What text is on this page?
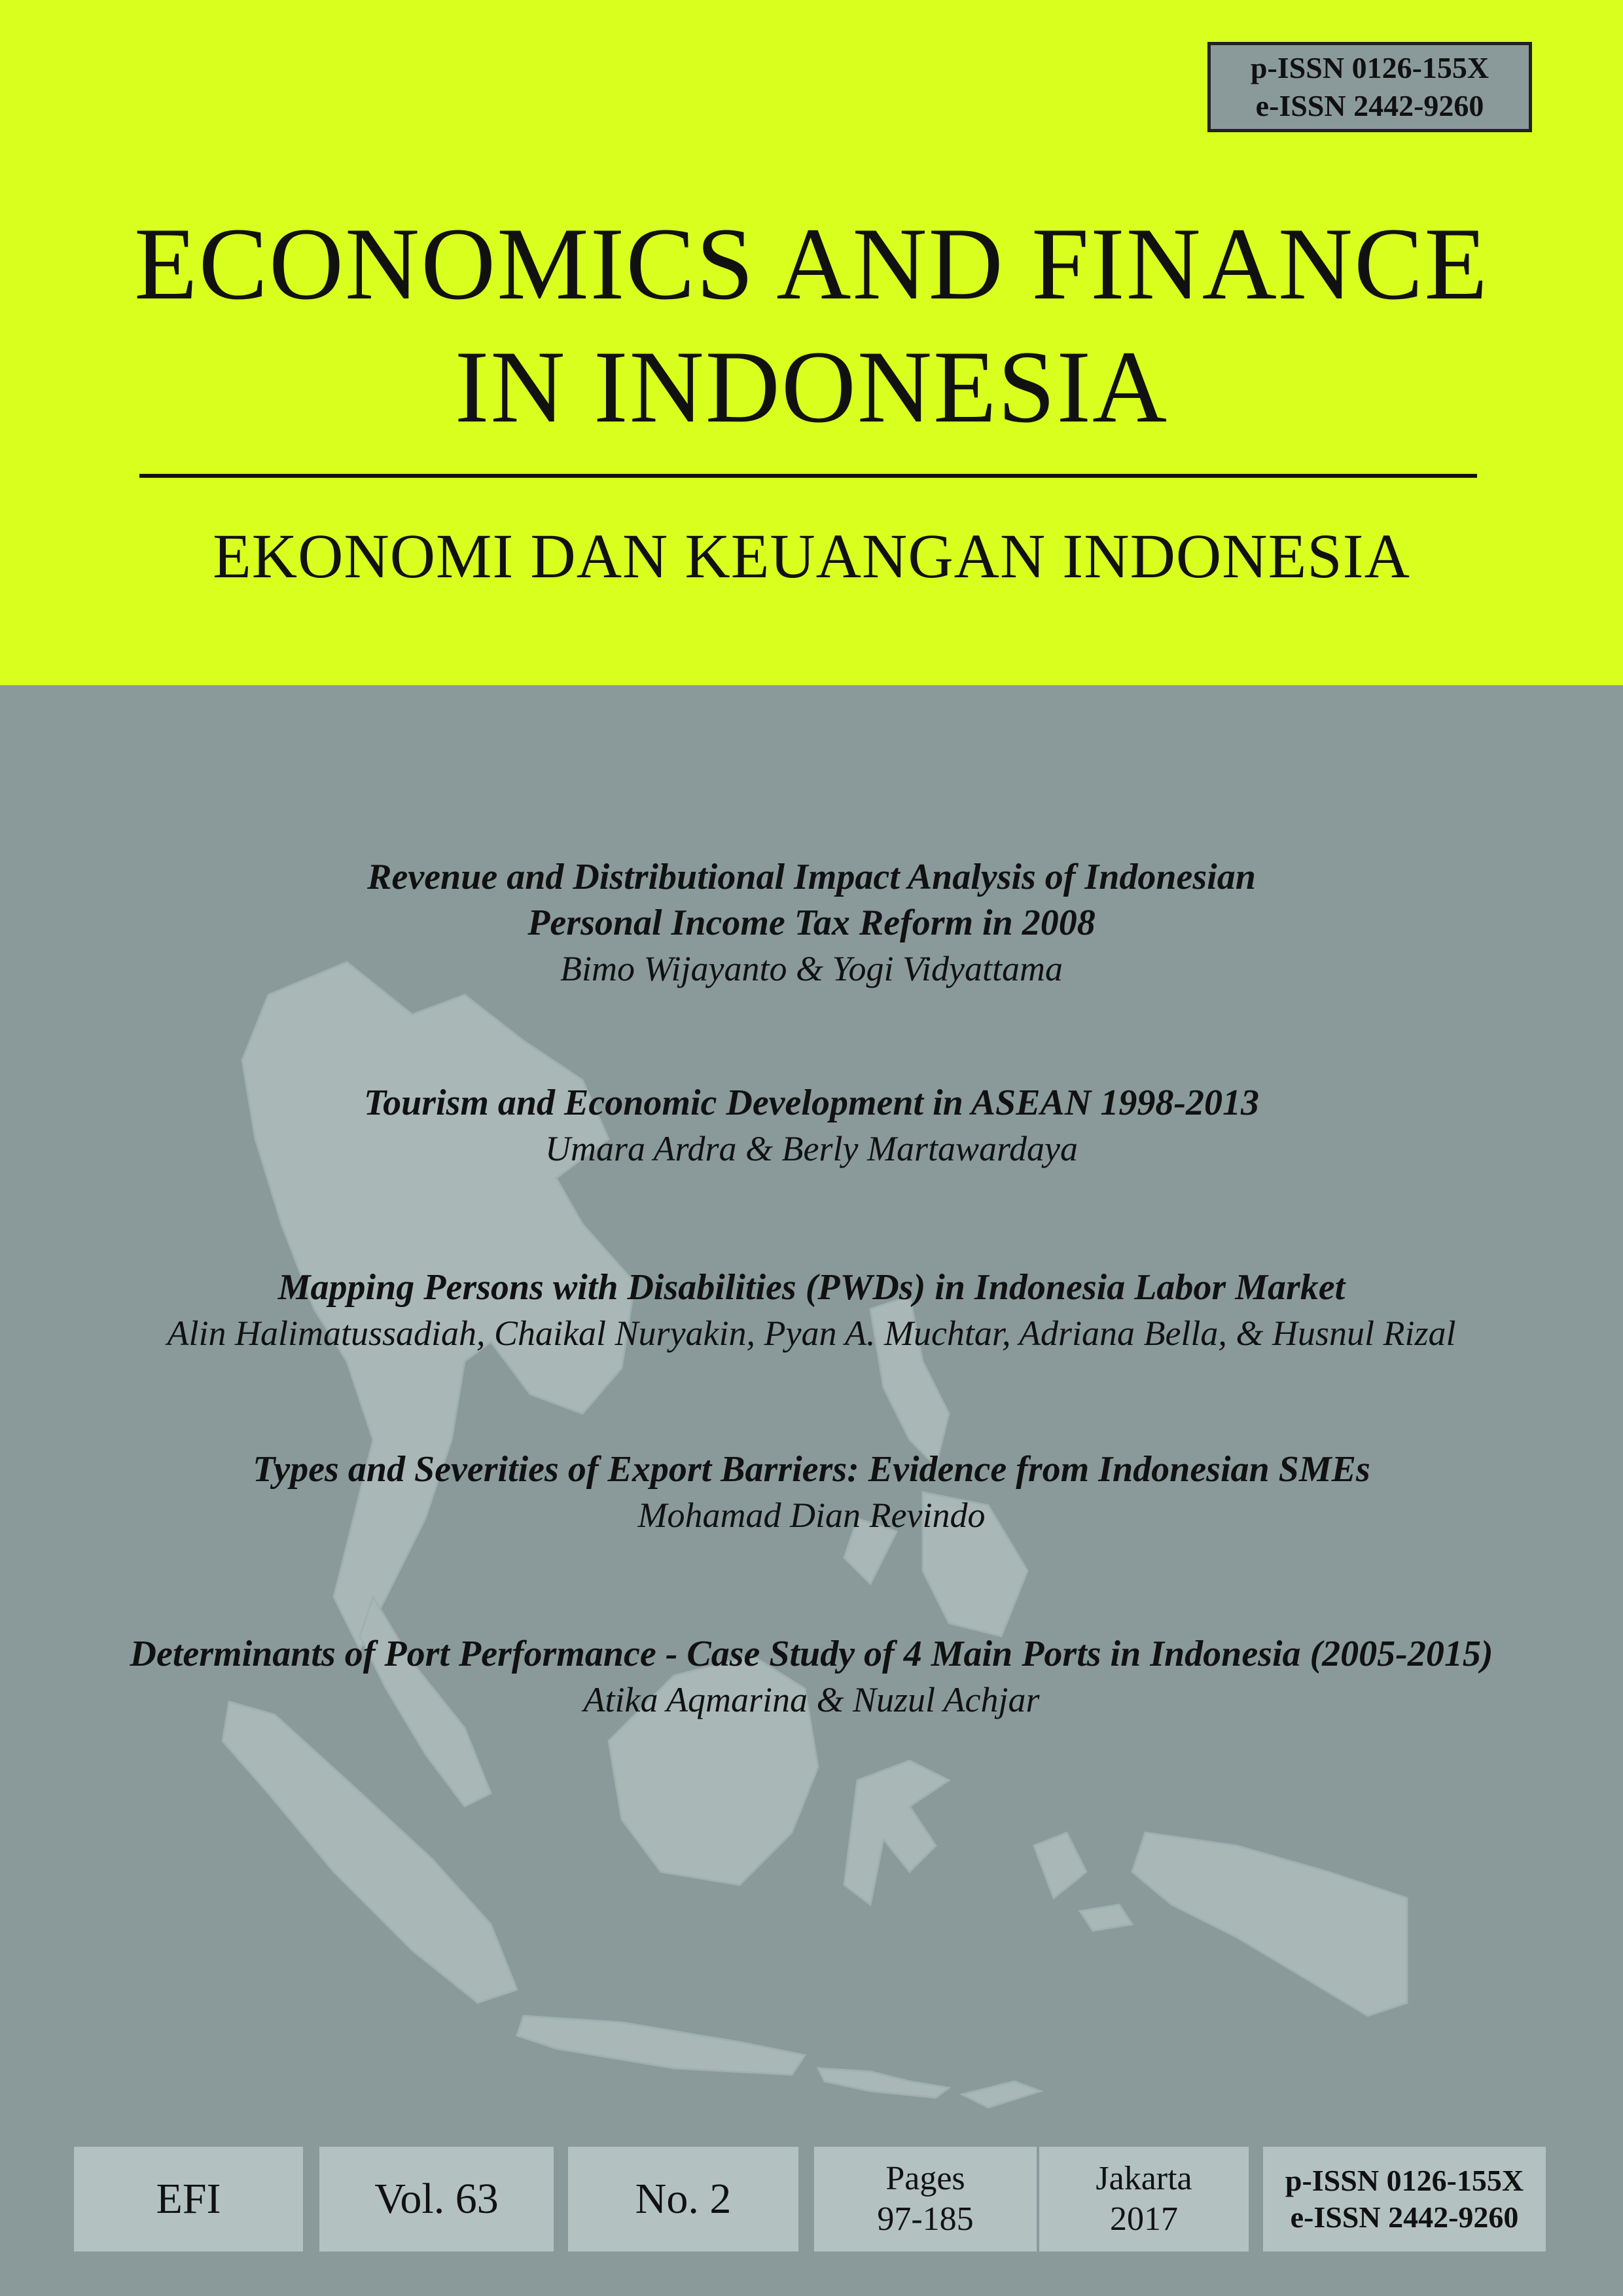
p-ISSN 0126-155X
e-ISSN 2442-9260
ECONOMICS AND FINANCE
IN INDONESIA
EKONOMI DAN KEUANGAN INDONESIA
Revenue and Distributional Impact Analysis of Indonesian
Personal Income Tax Reform in 2008
Bimo Wijayanto & Yogi Vidyattama
Tourism and Economic Development in ASEAN 1998-2013
Umara Ardra & Berly Martawardaya
Mapping Persons with Disabilities (PWDs) in Indonesia Labor Market
Alin Halimatussadiah, Chaikal Nuryakin, Pyan A. Muchtar, Adriana Bella, & Husnul Rizal
Types and Severities of Export Barriers: Evidence from Indonesian SMEs
Mohamad Dian Revindo
Determinants of Port Performance - Case Study of 4 Main Ports in Indonesia (2005-2015)
Atika Aqmarina & Nuzul Achjar
EFI	Vol. 63	No. 2	Pages
97-185
Jakarta
2017
p-ISSN 0126-155X
e-ISSN 2442-9260
